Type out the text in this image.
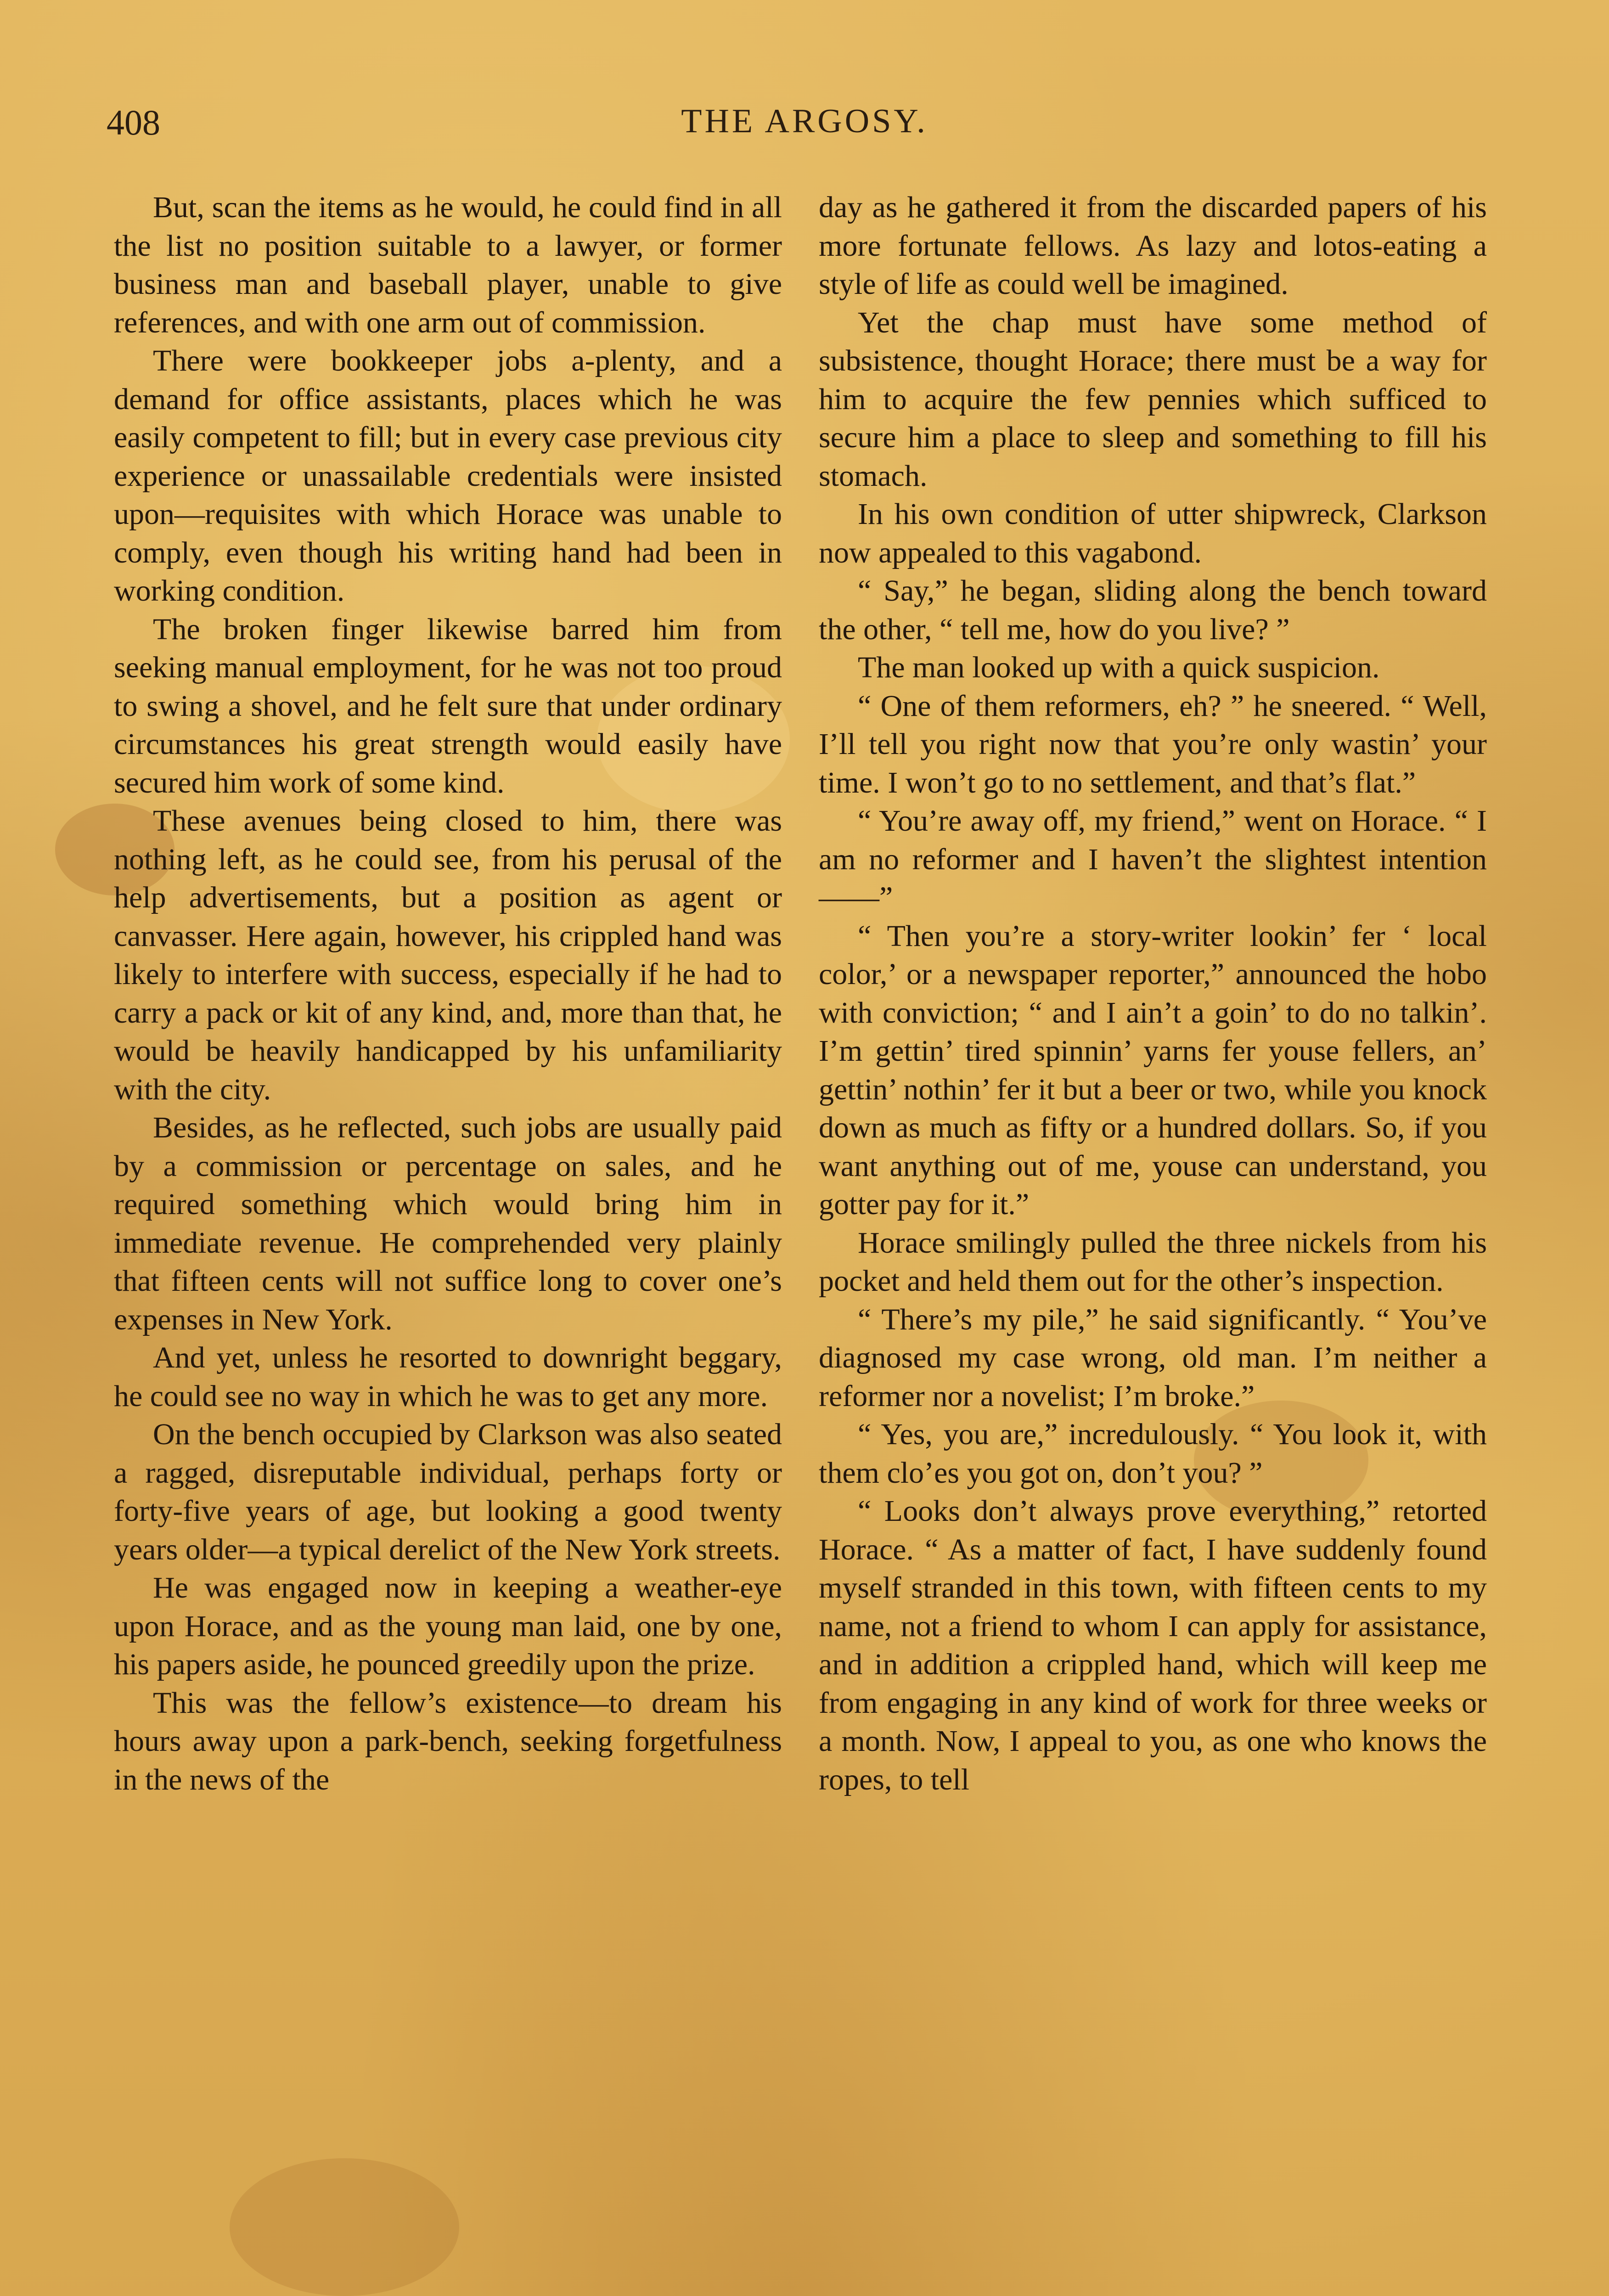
408	THE ARGOSY.

But, scan the items as he would, he could find in all the list no position suitable to a lawyer, or former business man and baseball player, unable to give references, and with one arm out of commission.

There were bookkeeper jobs a-plenty, and a demand for office assistants, places which he was easily competent to fill; but in every case previous city experience or unassailable credentials were insisted upon—requisites with which Horace was unable to comply, even though his writing hand had been in working condition.

The broken finger likewise barred him from seeking manual employment, for he was not too proud to swing a shovel, and he felt sure that under ordinary circumstances his great strength would easily have secured him work of some kind.

These avenues being closed to him, there was nothing left, as he could see, from his perusal of the help advertisements, but a position as agent or canvasser. Here again, however, his crippled hand was likely to interfere with success, especially if he had to carry a pack or kit of any kind, and, more than that, he would be heavily handicapped by his unfamiliarity with the city.

Besides, as he reflected, such jobs are usually paid by a commission or percentage on sales, and he required something which would bring him in immediate revenue. He comprehended very plainly that fifteen cents will not suffice long to cover one’s expenses in New York.

And yet, unless he resorted to downright beggary, he could see no way in which he was to get any more.

On the bench occupied by Clarkson was also seated a ragged, disreputable individual, perhaps forty or forty-five years of age, but looking a good twenty years older—a typical derelict of the New York streets.

He was engaged now in keeping a weather-eye upon Horace, and as the young man laid, one by one, his papers aside, he pounced greedily upon the prize.

This was the fellow’s existence—to dream his hours away upon a park-bench, seeking forgetfulness in the news of the

day as he gathered it from the discarded papers of his more fortunate fellows. As lazy and lotos-eating a style of life as could well be imagined.

Yet the chap must have some method of subsistence, thought Horace; there must be a way for him to acquire the few pennies which sufficed to secure him a place to sleep and something to fill his stomach.

In his own condition of utter shipwreck, Clarkson now appealed to this vagabond.

“ Say,” he began, sliding along the bench toward the other, “ tell me, how do you live? ”

The man looked up with a quick suspicion.

“ One of them reformers, eh? ” he sneered. “ Well, I’ll tell you right now that you’re only wastin’ your time. I won’t go to no settlement, and that’s flat.”

“ You’re away off, my friend,” went on Horace. “ I am no reformer and I haven’t the slightest intention——”

“ Then you’re a story-writer lookin’ fer ‘ local color,’ or a newspaper reporter,” announced the hobo with conviction; “ and I ain’t a goin’ to do no talkin’. I’m gettin’ tired spinnin’ yarns fer youse fellers, an’ gettin’ nothin’ fer it but a beer or two, while you knock down as much as fifty or a hundred dollars. So, if you want anything out of me, youse can understand, you gotter pay for it.”

Horace smilingly pulled the three nickels from his pocket and held them out for the other’s inspection.

“ There’s my pile,” he said significantly. “ You’ve diagnosed my case wrong, old man. I’m neither a reformer nor a novelist; I’m broke.”

“ Yes, you are,” incredulously. “ You look it, with them clo’es you got on, don’t you? ”

“ Looks don’t always prove everything,” retorted Horace. “ As a matter of fact, I have suddenly found myself stranded in this town, with fifteen cents to my name, not a friend to whom I can apply for assistance, and in addition a crippled hand, which will keep me from engaging in any kind of work for three weeks or a month. Now, I appeal to you, as one who knows the ropes, to tell
